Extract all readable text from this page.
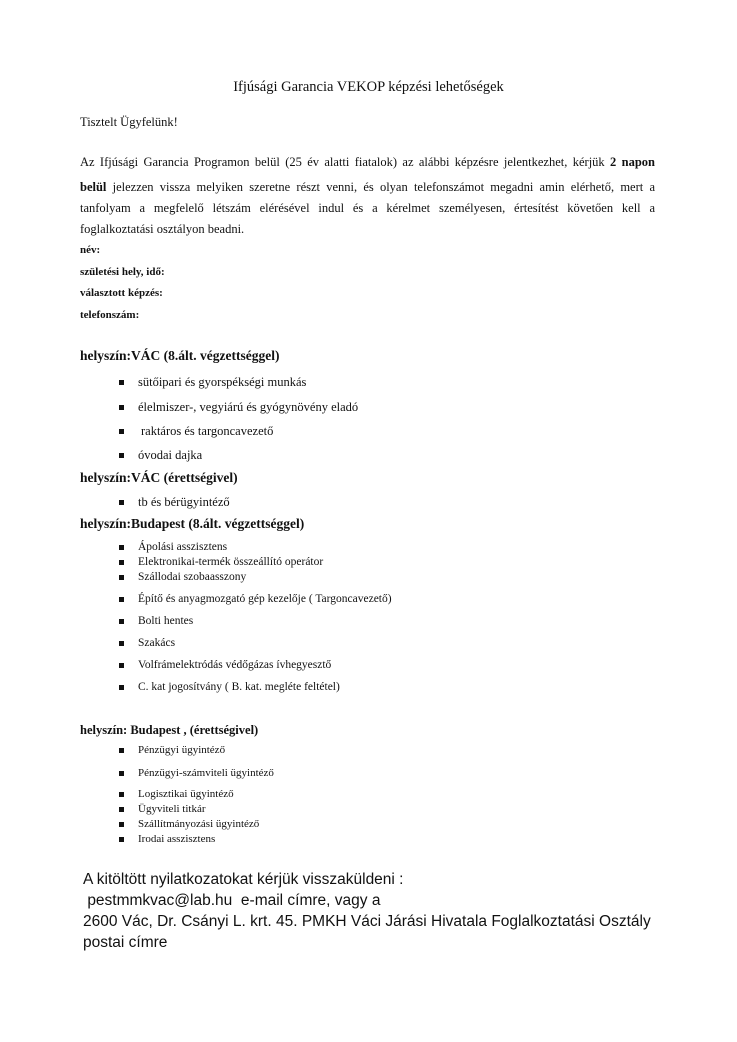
Ifjúsági Garancia VEKOP képzési lehetőségek
Tisztelt Ügyfelünk!
Az Ifjúsági Garancia Programon belül (25 év alatti fiatalok) az alábbi képzésre jelentkezhet, kérjük 2 napon
belül jelezzen vissza melyiken szeretne részt venni, és olyan telefonszámot megadni amin elérhető, mert a
tanfolyam a megfelelő létszám elérésével indul és a kérelmet személyesen, értesítést követően kell a
foglalkoztatási osztályon beadni.
név:
születési hely, idő:
választott képzés:
telefonszám:
helyszín:VÁC (8.ált. végzettséggel)
sütőipari és gyorspékségi munkás
élelmiszer-, vegyiárú és gyógynövény eladó
raktáros és targoncavezető
óvodai dajka
helyszín:VÁC (érettségivel)
tb és bérügyintéző
helyszín:Budapest (8.ált. végzettséggel)
Ápolási asszisztens
Elektronikai-termék összeállító operátor
Szállodai szobaasszony
Építő és anyagmozgató gép kezelője ( Targoncavezető)
Bolti hentes
Szakács
Volfrámelektródás védőgázas ívhegyesztő
C. kat jogosítvány ( B. kat. megléte feltétel)
helyszín: Budapest , (érettségivel)
Pénzügyi ügyintéző
Pénzügyi-számviteli ügyintéző
Logisztikai ügyintéző
Ügyviteli titkár
Szállítmányozási ügyintéző
Irodai asszisztens
A kitöltött nyilatkozatokat kérjük visszaküldeni :
pestmmkvac@lab.hu e-mail címre, vagy a
2600 Vác, Dr. Csányi L. krt. 45. PMKH Váci Járási Hivatala Foglalkoztatási Osztály
postai címre
